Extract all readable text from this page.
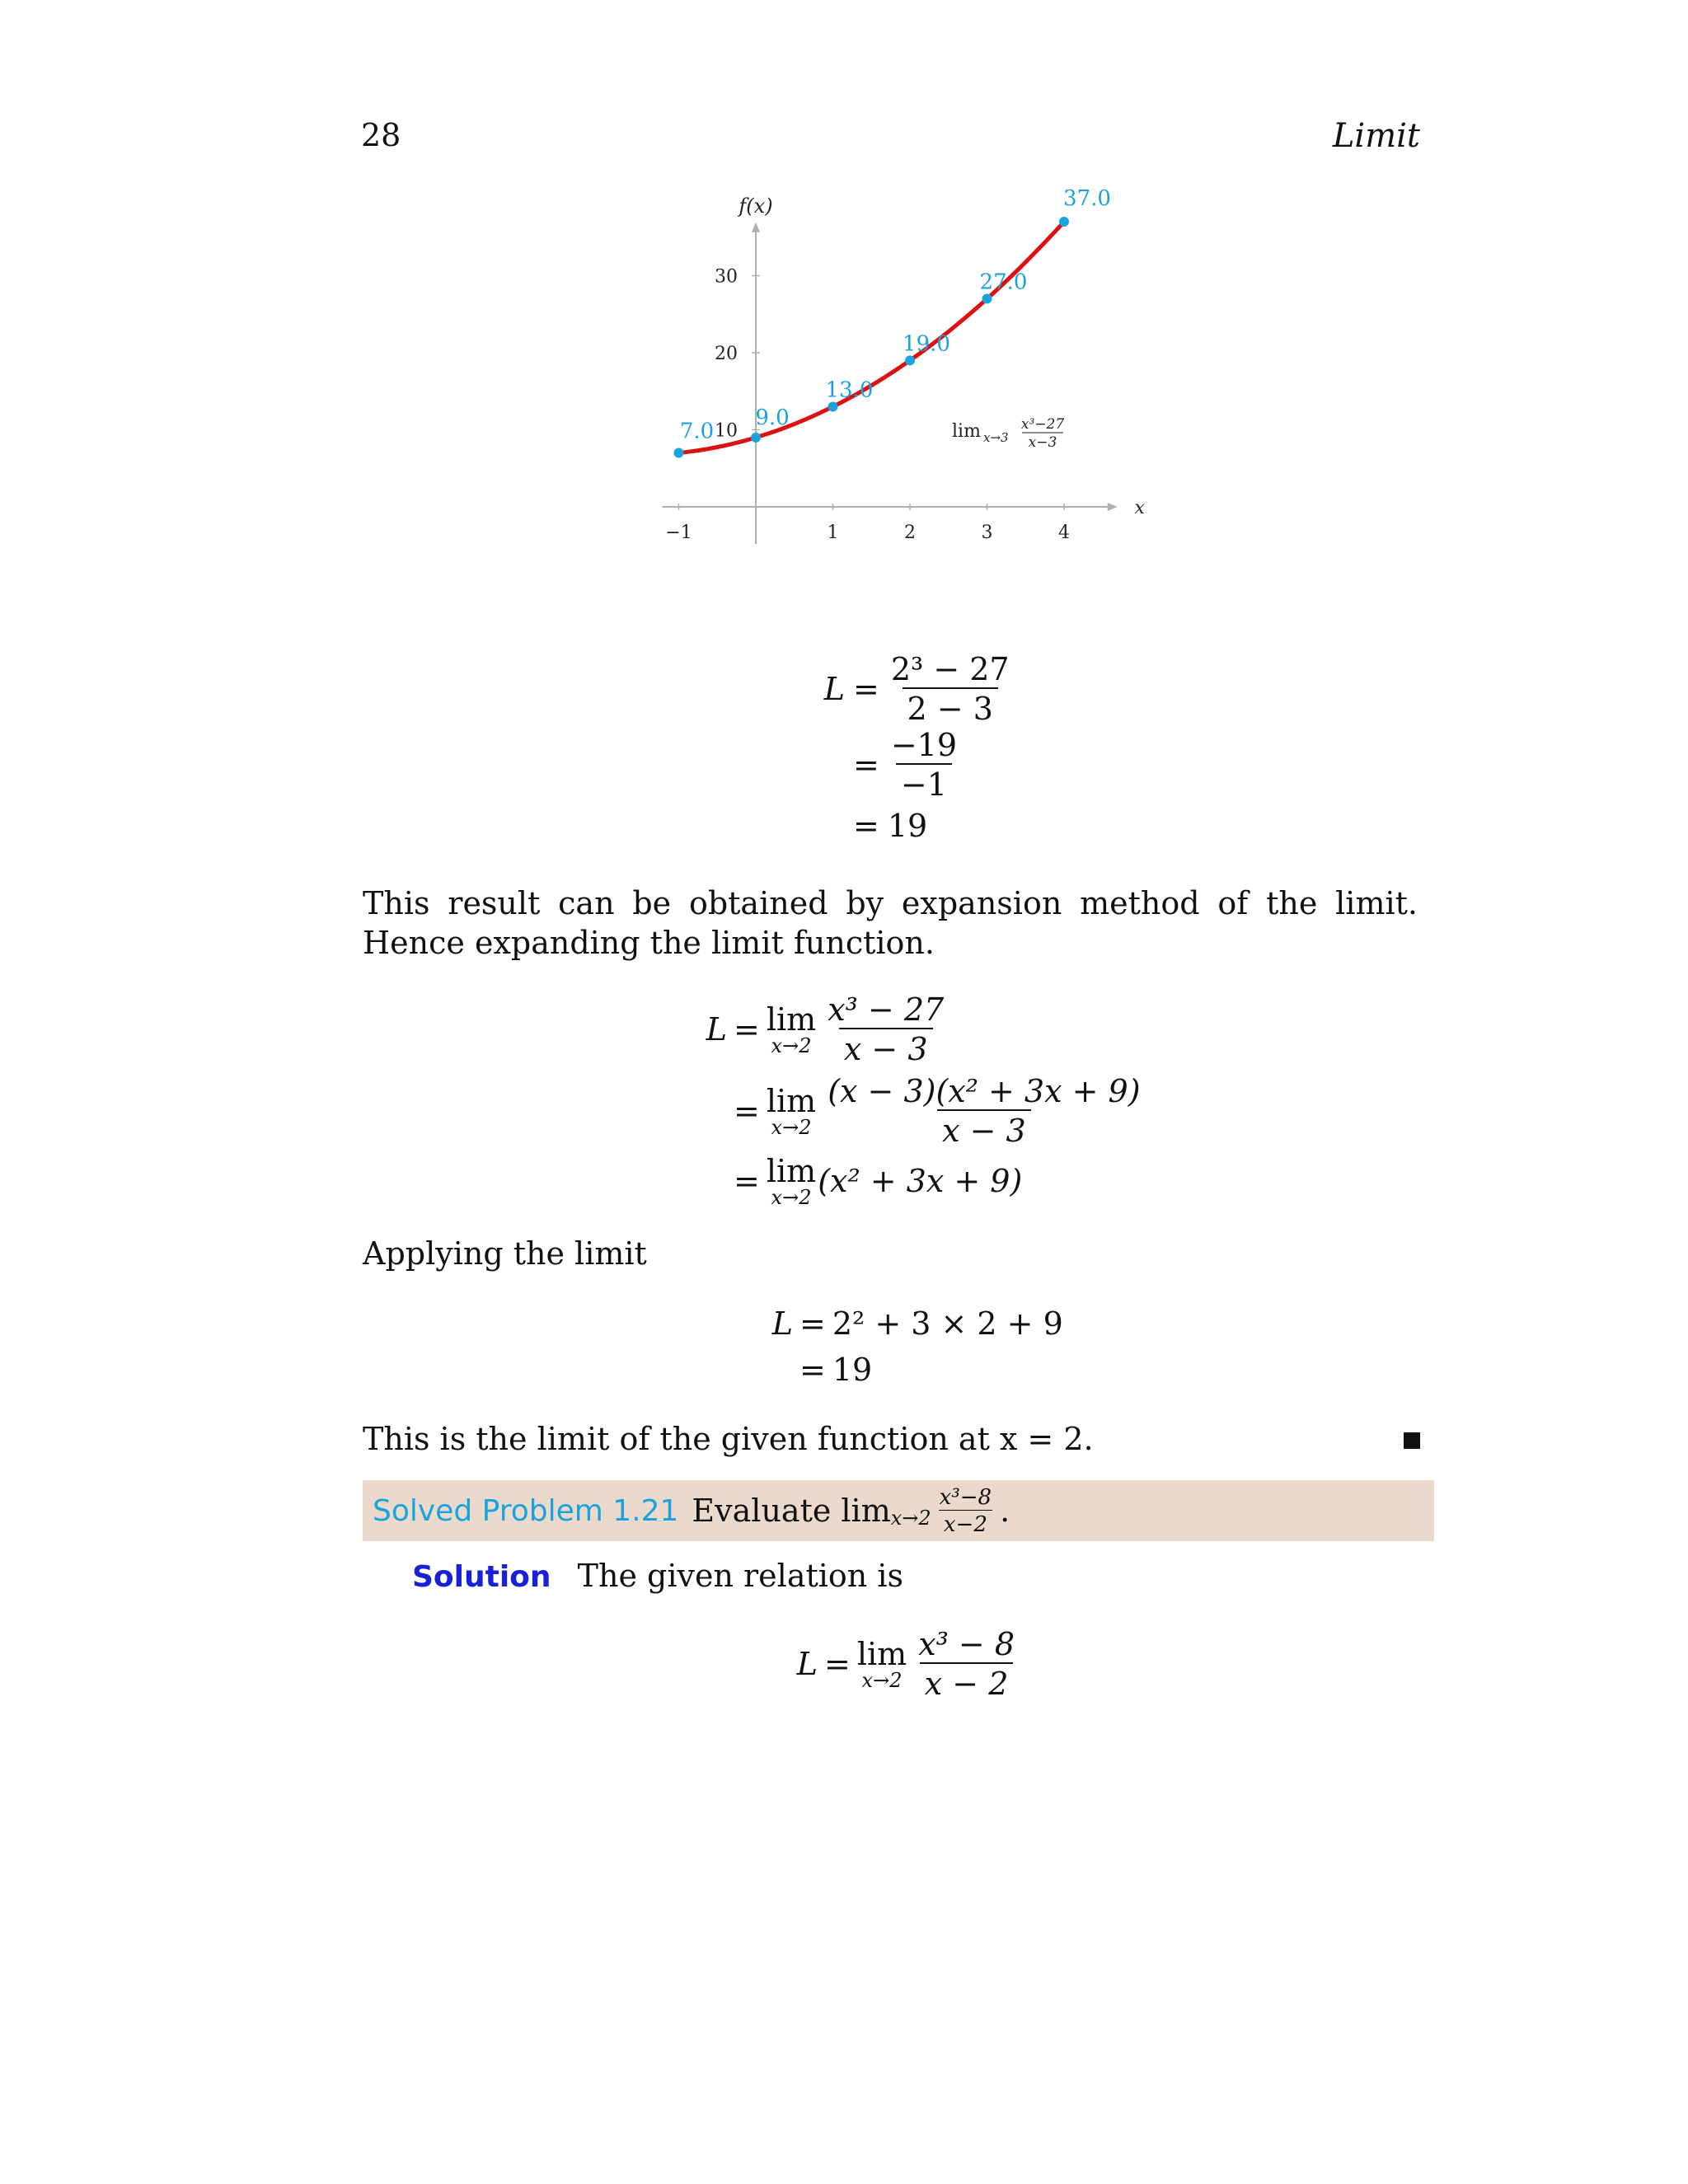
28	Limit
f(x)
x
−1	1	2	3	4
10
20
30
7.0
9.0
13.0
19.0
27.0
37.0
lim x→3
x³−27
x−3
$L = \frac{\text{2³ − 27}}{2 - 3}$
= $\frac{-19}{-1}$
= 19
This result can be obtained by expansion method of the limit. Hence expanding the limit function.
L = lim
$x\to 2 \frac{\text{x³ − 27}}{x - 3}$
= lim
$x\to 2 \frac{\text{(x − 3)(x² + 3x + 9)}}{x - 3}$
= lim
x→2 (x² + 3x + 9)
Applying the limit
L = 2² + 3 × 2 + 9
= 19
This is the limit of the given function at x = 2.
Solved Problem 1.21 Evaluate $\lim x\to 2 \frac{\text{x³−8}}{x-2}$ .
Solution The given relation is
L = lim
$x\to 2 \frac{\text{x³ − 8}}{x - 2}$
